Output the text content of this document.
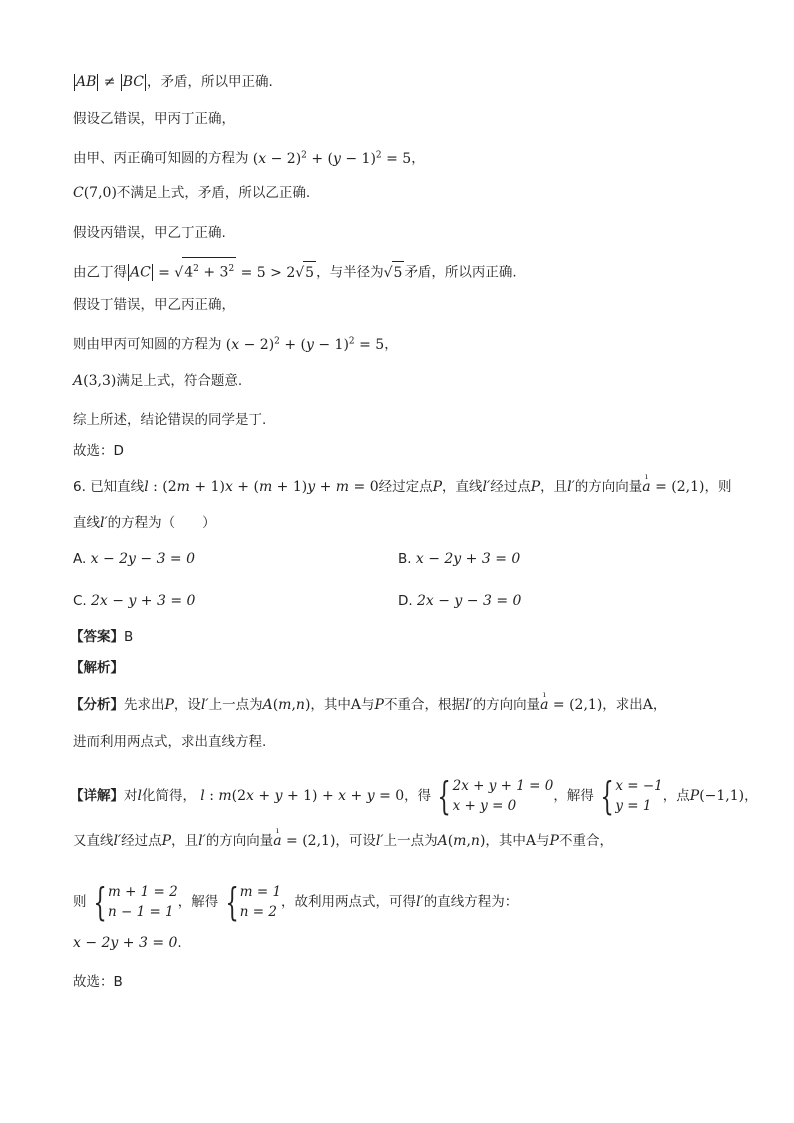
AB ≠ BC ，矛盾，所以甲正确.
假设乙错误，甲丙丁正确，
由甲、丙正确可知圆的方程为 $(x - 2)^2 + (y - 1)^2 = 5$，
C(7,0)不满足上式，矛盾，所以乙正确.
假设丙错误，甲乙丁正确.
由乙丁得 AC = $√4^2 + 3^2 = 5 > 2√5$ ，与半径为√5 矛盾，所以丙正确.
假设丁错误，甲乙丙正确，
则由甲丙可知圆的方程为 $(x - 2)^2 + (y - 1)^2 = 5$，
A(3,3)满足上式，符合题意.
综上所述，结论错误的同学是丁.
故选：D
6. 已知直线l : (2m + 1)x + (m + 1)y + m = 0经过定点P，直线l′经过点P，且l′的方向向量ı a = (2,1)，则
直线l′的方程为（　　）
A. x − 2y − 3 = 0	B. x − 2y + 3 = 0
C. 2x − y + 3 = 0	D. 2x − y − 3 = 0
【答案】B
【解析】
【分析】先求出P，设l′上一点为A(m,n)，其中A与P不重合，根据l′的方向向量ı a = (2,1)，求出A，
进而利用两点式，求出直线方程.
【详解】对l化简得， l : m(2x + y + 1) + x + y = 0，得 { 2x + y + 1 = 0
x + y = 0
，解得 { x = −1
y = 1
，点P(−1,1)，
又直线l′经过点P，且l′的方向向量ı a = (2,1)，可设l′上一点为A(m,n)，其中A与P不重合，
则 { m + 1 = 2
n − 1 = 1
，解得 { m = 1
n = 2
，故利用两点式，可得l′的直线方程为：
x − 2y + 3 = 0.
故选：B
